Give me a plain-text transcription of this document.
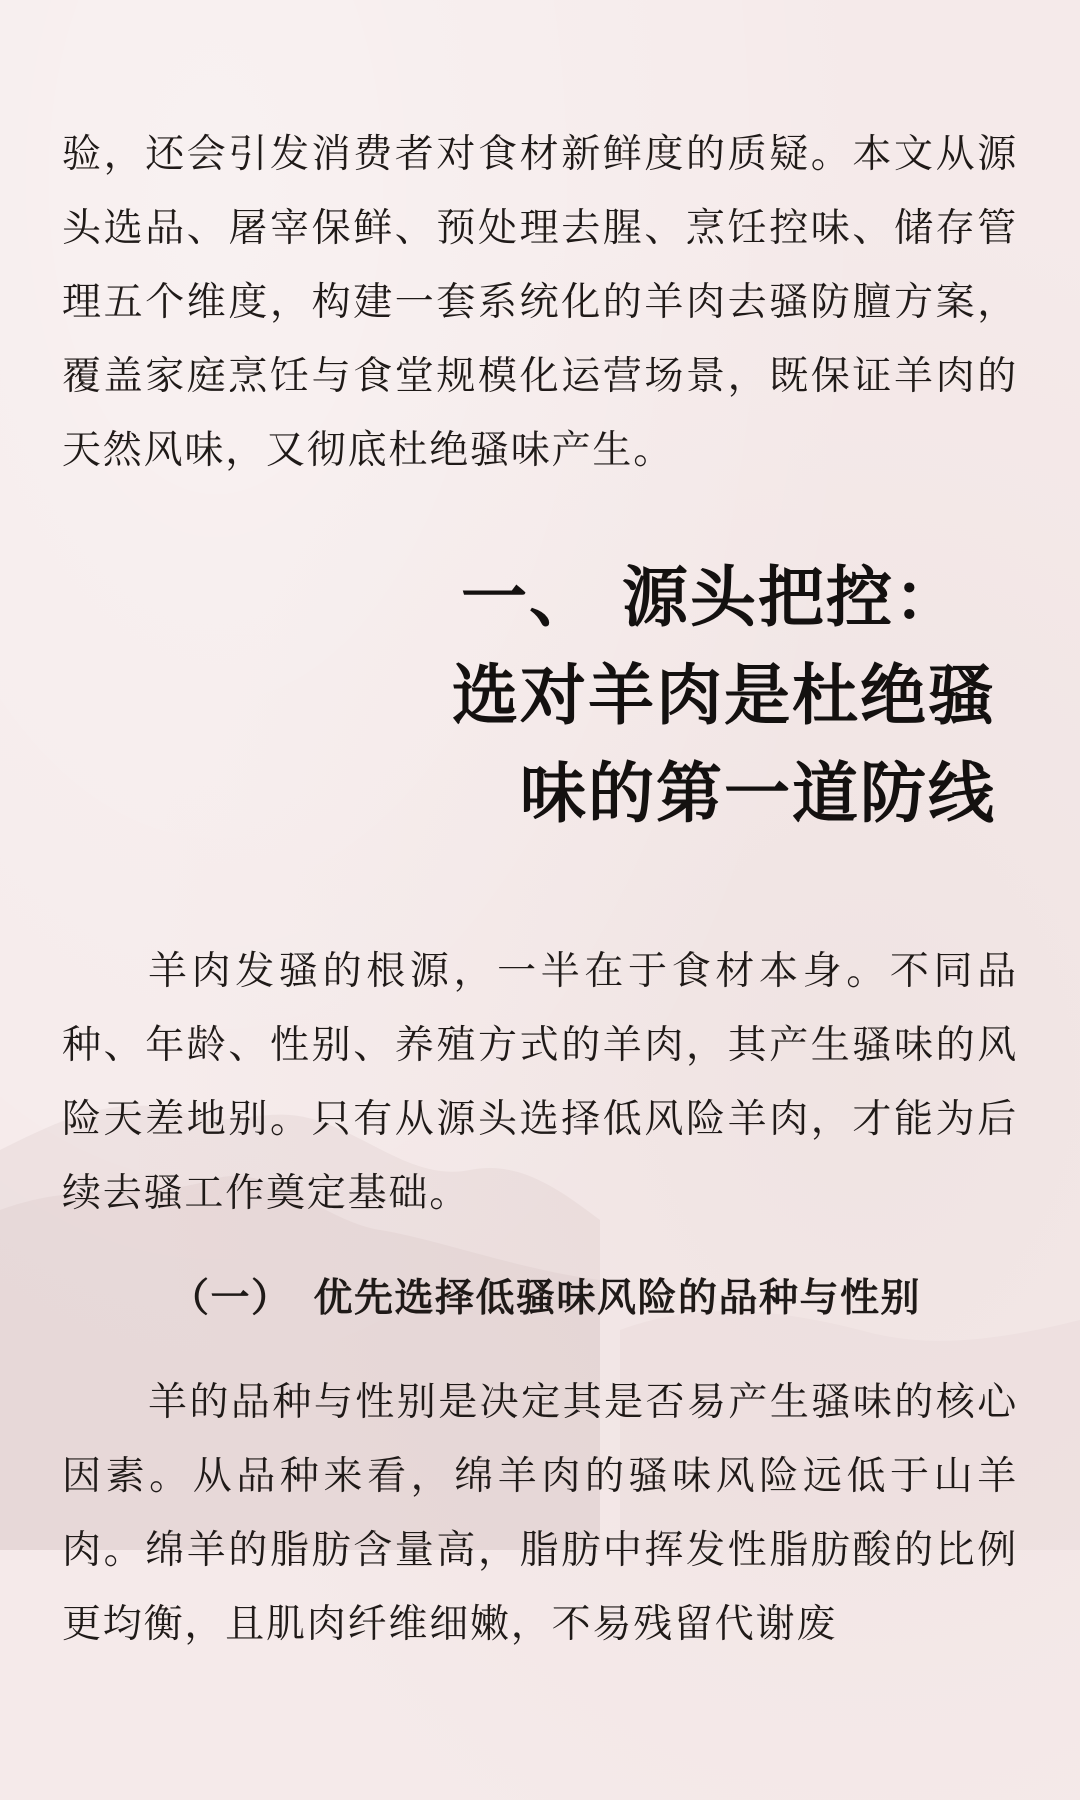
验，还会引发消费者对食材新鲜度的质疑。本文从源头选品、屠宰保鲜、预处理去腥、烹饪控味、储存管理五个维度，构建一套系统化的羊肉去骚防膻方案，覆盖家庭烹饪与食堂规模化运营场景，既保证羊肉的天然风味，又彻底杜绝骚味产生。

一、 源头把控：
选对羊肉是杜绝骚
味的第一道防线

羊肉发骚的根源，一半在于食材本身。不同品种、年龄、性别、养殖方式的羊肉，其产生骚味的风险天差地别。只有从源头选择低风险羊肉，才能为后续去骚工作奠定基础。

（一） 优先选择低骚味风险的品种与性别

羊的品种与性别是决定其是否易产生骚味的核心因素。从品种来看，绵羊肉的骚味风险远低于山羊肉。绵羊的脂肪含量高，脂肪中挥发性脂肪酸的比例更均衡，且肌肉纤维细嫩，不易残留代谢废
